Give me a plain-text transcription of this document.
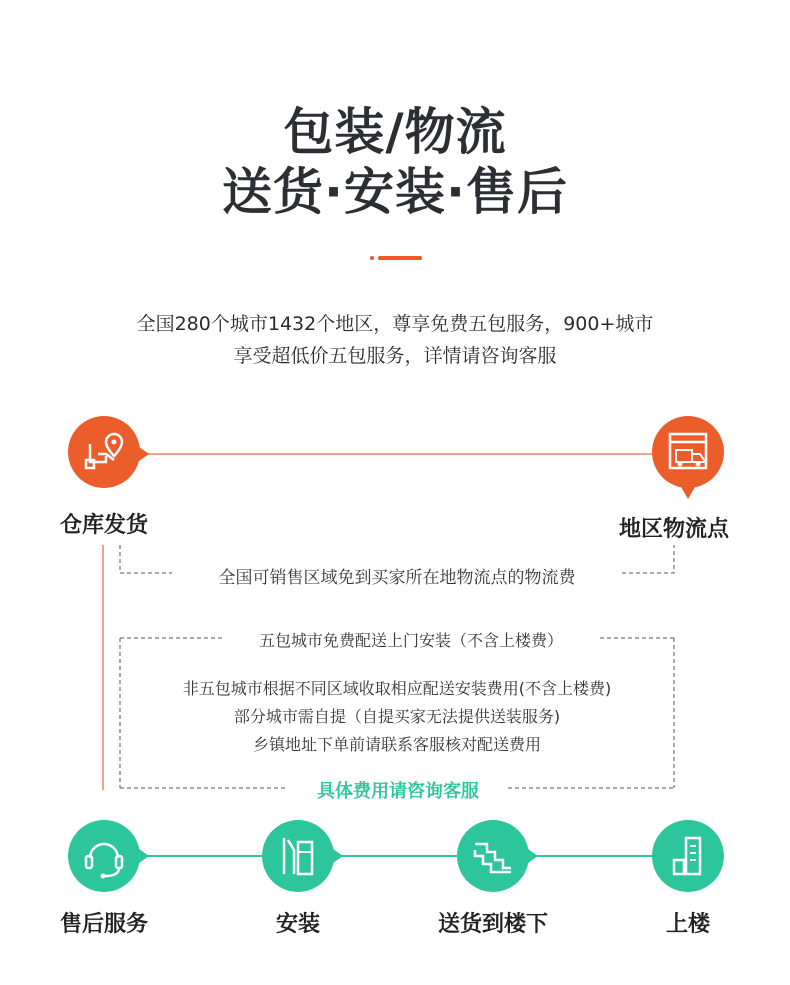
包装/物流
送货·安装·售后
全国280个城市1432个地区，尊享免费五包服务，900+城市
享受超低价五包服务，详情请咨询客服
仓库发货	地区物流点
全国可销售区域免到买家所在地物流点的物流费
五包城市免费配送上门安装（不含上楼费）
非五包城市根据不同区域收取相应配送安装费用(不含上楼费)
部分城市需自提（自提买家无法提供送装服务)
乡镇地址下单前请联系客服核对配送费用
具体费用请咨询客服
售后服务	安装	送货到楼下	上楼
